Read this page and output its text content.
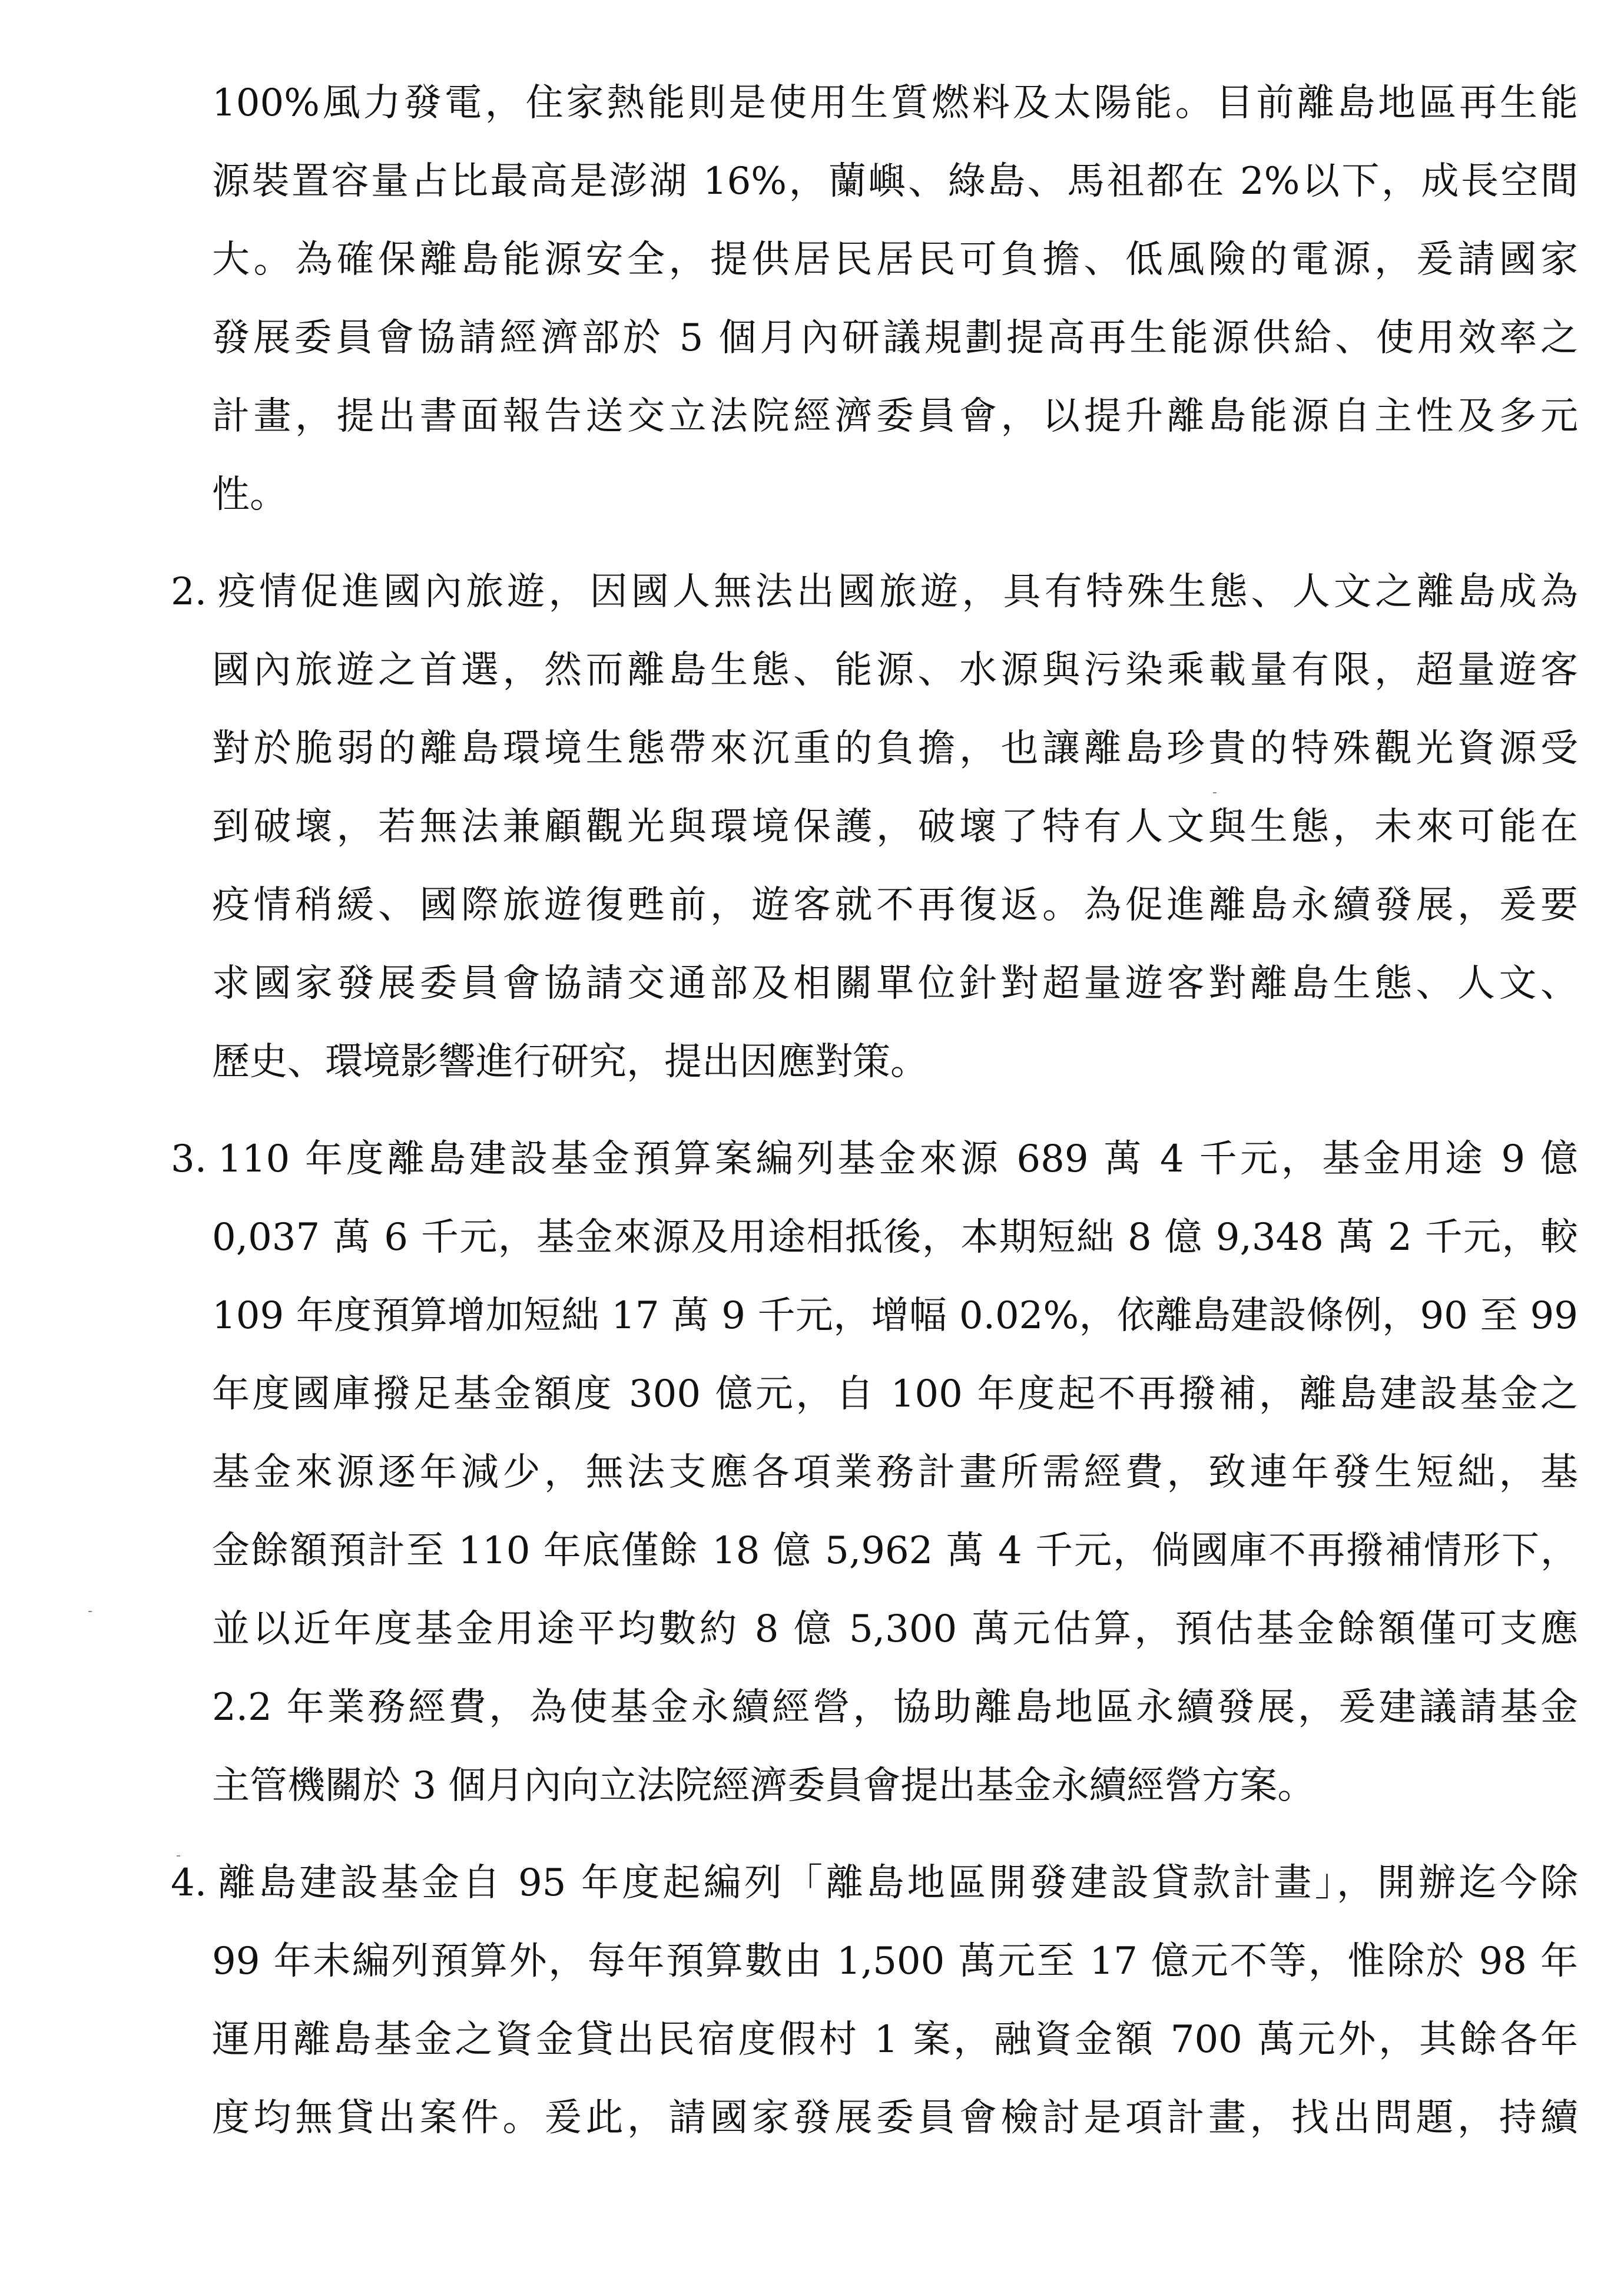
100%風力發電，住家熱能則是使用生質燃料及太陽能。目前離島地區再生能
源裝置容量占比最高是澎湖 16%，蘭嶼、綠島、馬祖都在 2%以下，成長空間
大。為確保離島能源安全，提供居民居民可負擔、低風險的電源，爰請國家
發展委員會協請經濟部於 5 個月內研議規劃提高再生能源供給、使用效率之
計畫，提出書面報告送交立法院經濟委員會，以提升離島能源自主性及多元
性。
2. 疫情促進國內旅遊，因國人無法出國旅遊，具有特殊生態、人文之離島成為
國內旅遊之首選，然而離島生態、能源、水源與污染乘載量有限，超量遊客
對於脆弱的離島環境生態帶來沉重的負擔，也讓離島珍貴的特殊觀光資源受
到破壞，若無法兼顧觀光與環境保護，破壞了特有人文與生態，未來可能在
疫情稍緩、國際旅遊復甦前，遊客就不再復返。為促進離島永續發展，爰要
求國家發展委員會協請交通部及相關單位針對超量遊客對離島生態、人文、
歷史、環境影響進行研究，提出因應對策。
3. 110 年度離島建設基金預算案編列基金來源 689 萬 4 千元，基金用途 9 億
0,037 萬 6 千元，基金來源及用途相抵後，本期短絀 8 億 9,348 萬 2 千元，較
109 年度預算增加短絀 17 萬 9 千元，增幅 0.02%，依離島建設條例，90 至 99
年度國庫撥足基金額度 300 億元，自 100 年度起不再撥補，離島建設基金之
基金來源逐年減少，無法支應各項業務計畫所需經費，致連年發生短絀，基
金餘額預計至 110 年底僅餘 18 億 5,962 萬 4 千元，倘國庫不再撥補情形下，
並以近年度基金用途平均數約 8 億 5,300 萬元估算，預估基金餘額僅可支應
2.2 年業務經費，為使基金永續經營，協助離島地區永續發展，爰建議請基金
主管機關於 3 個月內向立法院經濟委員會提出基金永續經營方案。
4. 離島建設基金自 95 年度起編列「離島地區開發建設貸款計畫」，開辦迄今除
99 年未編列預算外，每年預算數由 1,500 萬元至 17 億元不等，惟除於 98 年
運用離島基金之資金貸出民宿度假村 1 案，融資金額 700 萬元外，其餘各年
度均無貸出案件。爰此，請國家發展委員會檢討是項計畫，找出問題，持續
